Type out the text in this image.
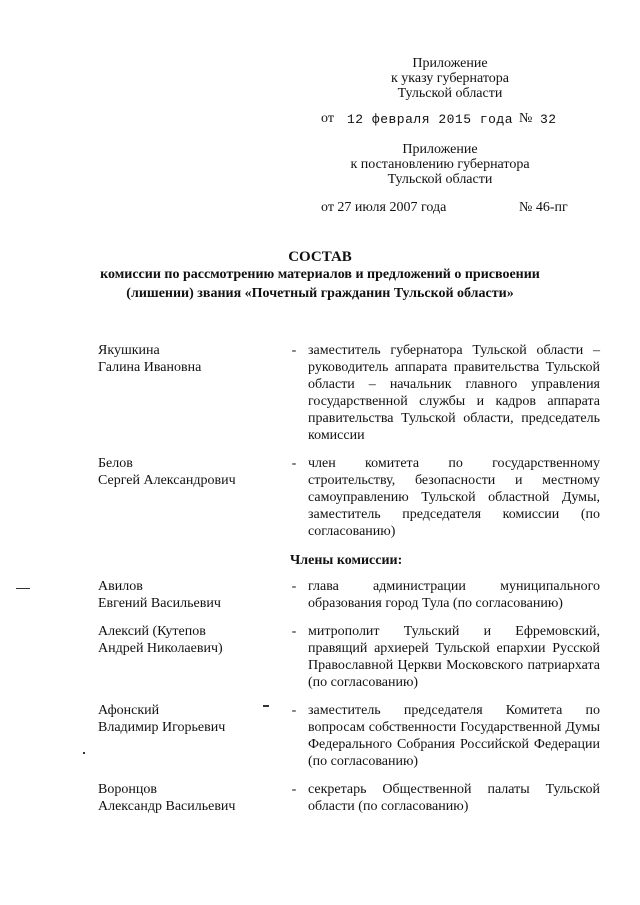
Приложение
к указу губернатора
Тульской области
от 12 февраля 2015 года № 32
Приложение
к постановлению губернатора
Тульской области
от 27 июля 2007 года	№ 46-пг
СОСТАВ
комиссии по рассмотрению материалов и предложений о присвоении
(лишении) звания «Почетный гражданин Тульской области»
Якушкина
Галина Ивановна
- заместитель губернатора Тульской области – руководитель аппарата правительства Тульской области – начальник главного управления государственной службы и кадров аппарата правительства Тульской области, председатель комиссии
Белов
Сергей Александрович
- член комитета по государственному строительству, безопасности и местному самоуправлению Тульской областной Думы, заместитель председателя комиссии (по согласованию)
Члены комиссии:
Авилов
Евгений Васильевич
- глава администрации муниципального образования город Тула (по согласованию)
Алексий (Кутепов
Андрей Николаевич)
- митрополит Тульский и Ефремовский, правящий архиерей Тульской епархии Русской Православной Церкви Московского патриархата (по согласованию)
Афонский
Владимир Игорьевич
- заместитель председателя Комитета по вопросам собственности Государственной Думы Федерального Собрания Российской Федерации (по согласованию)
Воронцов
Александр Васильевич
- секретарь Общественной палаты Тульской области (по согласованию)
